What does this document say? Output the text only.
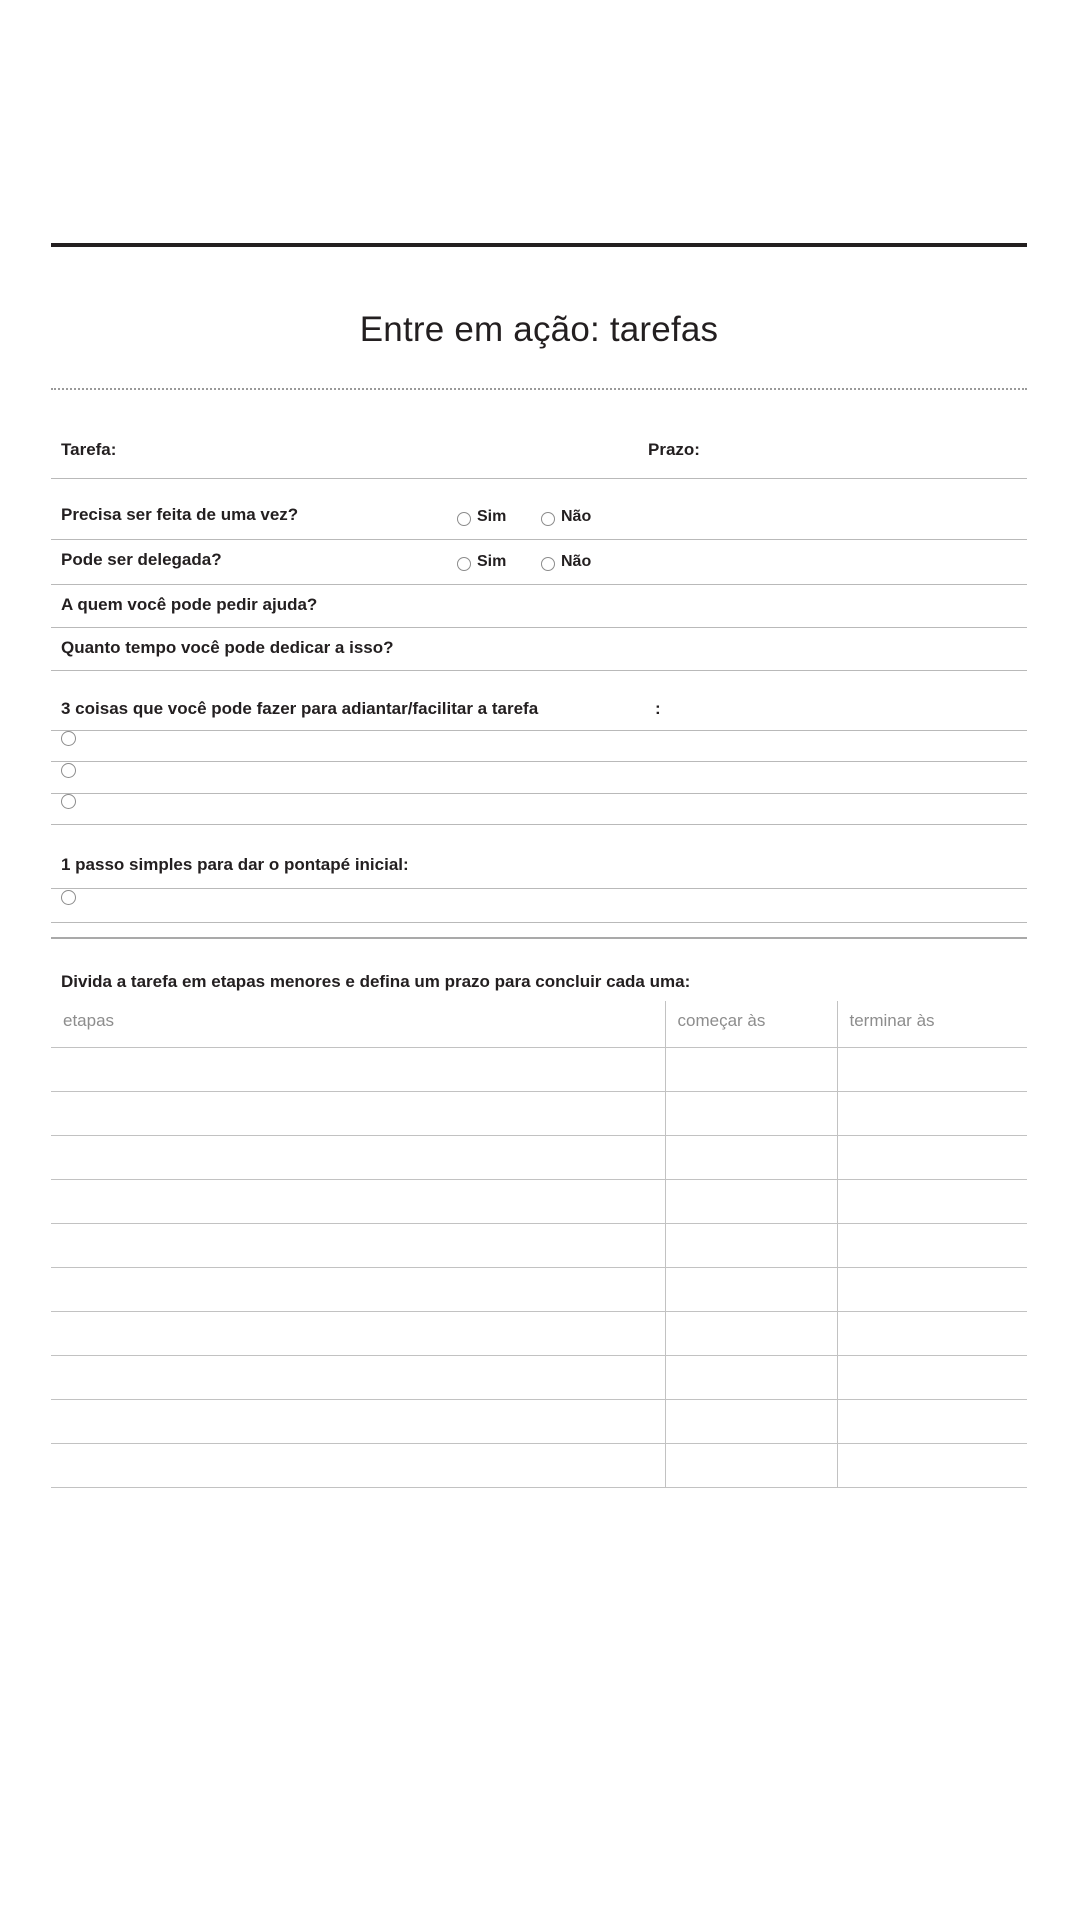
Entre em ação: tarefas
Tarefa:	Prazo:
Precisa ser feita de uma vez?	Sim	Não
Pode ser delegada?	Sim	Não
A quem você pode pedir ajuda?
Quanto tempo você pode dedicar a isso?
3 coisas que você pode fazer para adiantar/facilitar a tarefa	:
1 passo simples para dar o pontapé inicial:
Divida a tarefa em etapas menores e defina um prazo para concluir cada uma:
etapas	começar às	terminar às
